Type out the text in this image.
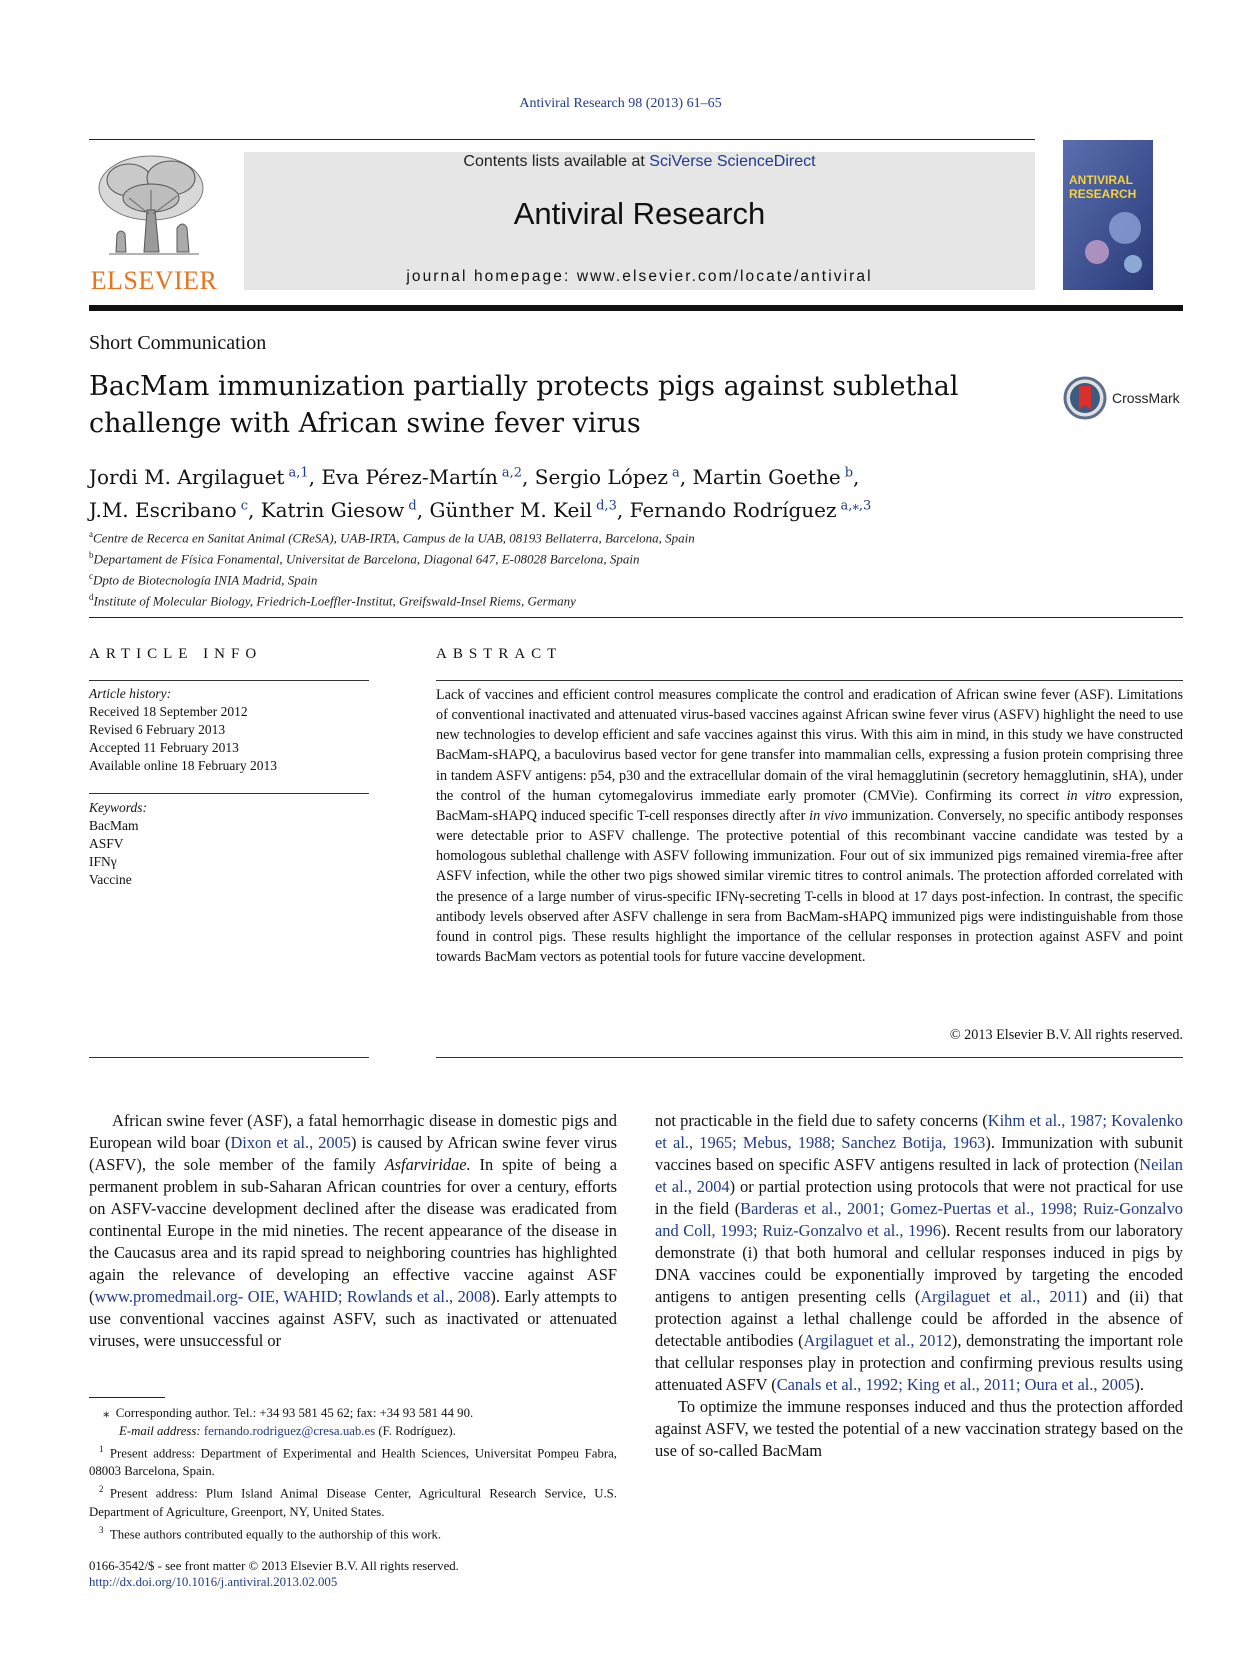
Antiviral Research 98 (2013) 61–65
ELSEVIER
Contents lists available at SciVerse ScienceDirect
Antiviral Research
journal homepage: www.elsevier.com/locate/antiviral
ANTIVIRAL
RESEARCH
Short Communication
BacMam immunization partially protects pigs against sublethal challenge with African swine fever virus
CrossMark
Jordi M. Argilaguet  $^{a,1}$, Eva Pérez-Martín  $^{a,2}$, Sergio López  $^a$, Martin Goethe  $^b$,
J.M. Escribano  $^c$, Katrin Giesow  $^d$, Günther M. Keil  $^{d,3}$, Fernando Rodríguez  $^{a,⁎,3}$
$^a$Centre de Recerca en Sanitat Animal (CReSA), UAB-IRTA, Campus de la UAB, 08193 Bellaterra, Barcelona, Spain
$^b$Departament de Física Fonamental, Universitat de Barcelona, Diagonal 647, E-08028 Barcelona, Spain
$^c$Dpto de Biotecnología INIA Madrid, Spain
$^d$Institute of Molecular Biology, Friedrich-Loeffler-Institut, Greifswald-Insel Riems, Germany
ARTICLE INFO
Article history:
Received 18 September 2012
Revised 6 February 2013
Accepted 11 February 2013
Available online 18 February 2013
Keywords:
BacMam
ASFV
IFNγ
Vaccine
ABSTRACT
Lack of vaccines and efficient control measures complicate the control and eradication of African swine fever (ASF). Limitations of conventional inactivated and attenuated virus-based vaccines against African swine fever virus (ASFV) highlight the need to use new technologies to develop efficient and safe vaccines against this virus. With this aim in mind, in this study we have constructed BacMam-sHAPQ, a baculovirus based vector for gene transfer into mammalian cells, expressing a fusion protein comprising three in tandem ASFV antigens: p54, p30 and the extracellular domain of the viral hemagglutinin (secretory hemagglutinin, sHA), under the control of the human cytomegalovirus immediate early promoter (CMVie). Confirming its correct in vitro expression, BacMam-sHAPQ induced specific T-cell responses directly after in vivo immunization. Conversely, no specific antibody responses were detectable prior to ASFV challenge. The protective potential of this recombinant vaccine candidate was tested by a homologous sublethal challenge with ASFV following immunization. Four out of six immunized pigs remained viremia-free after ASFV infection, while the other two pigs showed similar viremic titres to control animals. The protection afforded correlated with the presence of a large number of virus-specific IFNγ-secreting T-cells in blood at 17 days post-infection. In contrast, the specific antibody levels observed after ASFV challenge in sera from BacMam-sHAPQ immunized pigs were indistinguishable from those found in control pigs. These results highlight the importance of the cellular responses in protection against ASFV and point towards BacMam vectors as potential tools for future vaccine development.
© 2013 Elsevier B.V. All rights reserved.

African swine fever (ASF), a fatal hemorrhagic disease in domestic pigs and European wild boar (Dixon et al., 2005) is caused by African swine fever virus (ASFV), the sole member of the family Asfarviridae. In spite of being a permanent problem in sub-Saharan African countries for over a century, efforts on ASFV-vaccine development declined after the disease was eradicated from continental Europe in the mid nineties. The recent appearance of the disease in the Caucasus area and its rapid spread to neighboring countries has highlighted again the relevance of developing an effective vaccine against ASF (www.promedmail.org- OIE, WAHID; Rowlands et al., 2008). Early attempts to use conventional vaccines against ASFV, such as inactivated or attenuated viruses, were unsuccessful or

not practicable in the field due to safety concerns (Kihm et al., 1987; Kovalenko et al., 1965; Mebus, 1988; Sanchez Botija, 1963). Immunization with subunit vaccines based on specific ASFV antigens resulted in lack of protection (Neilan et al., 2004) or partial protection using protocols that were not practical for use in the field (Barderas et al., 2001; Gomez-Puertas et al., 1998; Ruiz-Gonzalvo and Coll, 1993; Ruiz-Gonzalvo et al., 1996). Recent results from our laboratory demonstrate (i) that both humoral and cellular responses induced in pigs by DNA vaccines could be exponentially improved by targeting the encoded antigens to antigen presenting cells (Argilaguet et al., 2011) and (ii) that protection against a lethal challenge could be afforded in the absence of detectable antibodies (Argilaguet et al., 2012), demonstrating the important role that cellular responses play in protection and confirming previous results using attenuated ASFV (Canals et al., 1992; King et al., 2011; Oura et al., 2005).

To optimize the immune responses induced and thus the protection afforded against ASFV, we tested the potential of a new vaccination strategy based on the use of so-called BacMam

⁎ Corresponding author. Tel.: +34 93 581 45 62; fax: +34 93 581 44 90.

E-mail address: fernando.rodriguez@cresa.uab.es (F. Rodríguez).

$^1$  Present address: Department of Experimental and Health Sciences, Universitat Pompeu Fabra, 08003 Barcelona, Spain.

$^2$  Present address: Plum Island Animal Disease Center, Agricultural Research Service, U.S. Department of Agriculture, Greenport, NY, United States.

$^3$  These authors contributed equally to the authorship of this work.

0166-3542/$ - see front matter © 2013 Elsevier B.V. All rights reserved.
http://dx.doi.org/10.1016/j.antiviral.2013.02.005
